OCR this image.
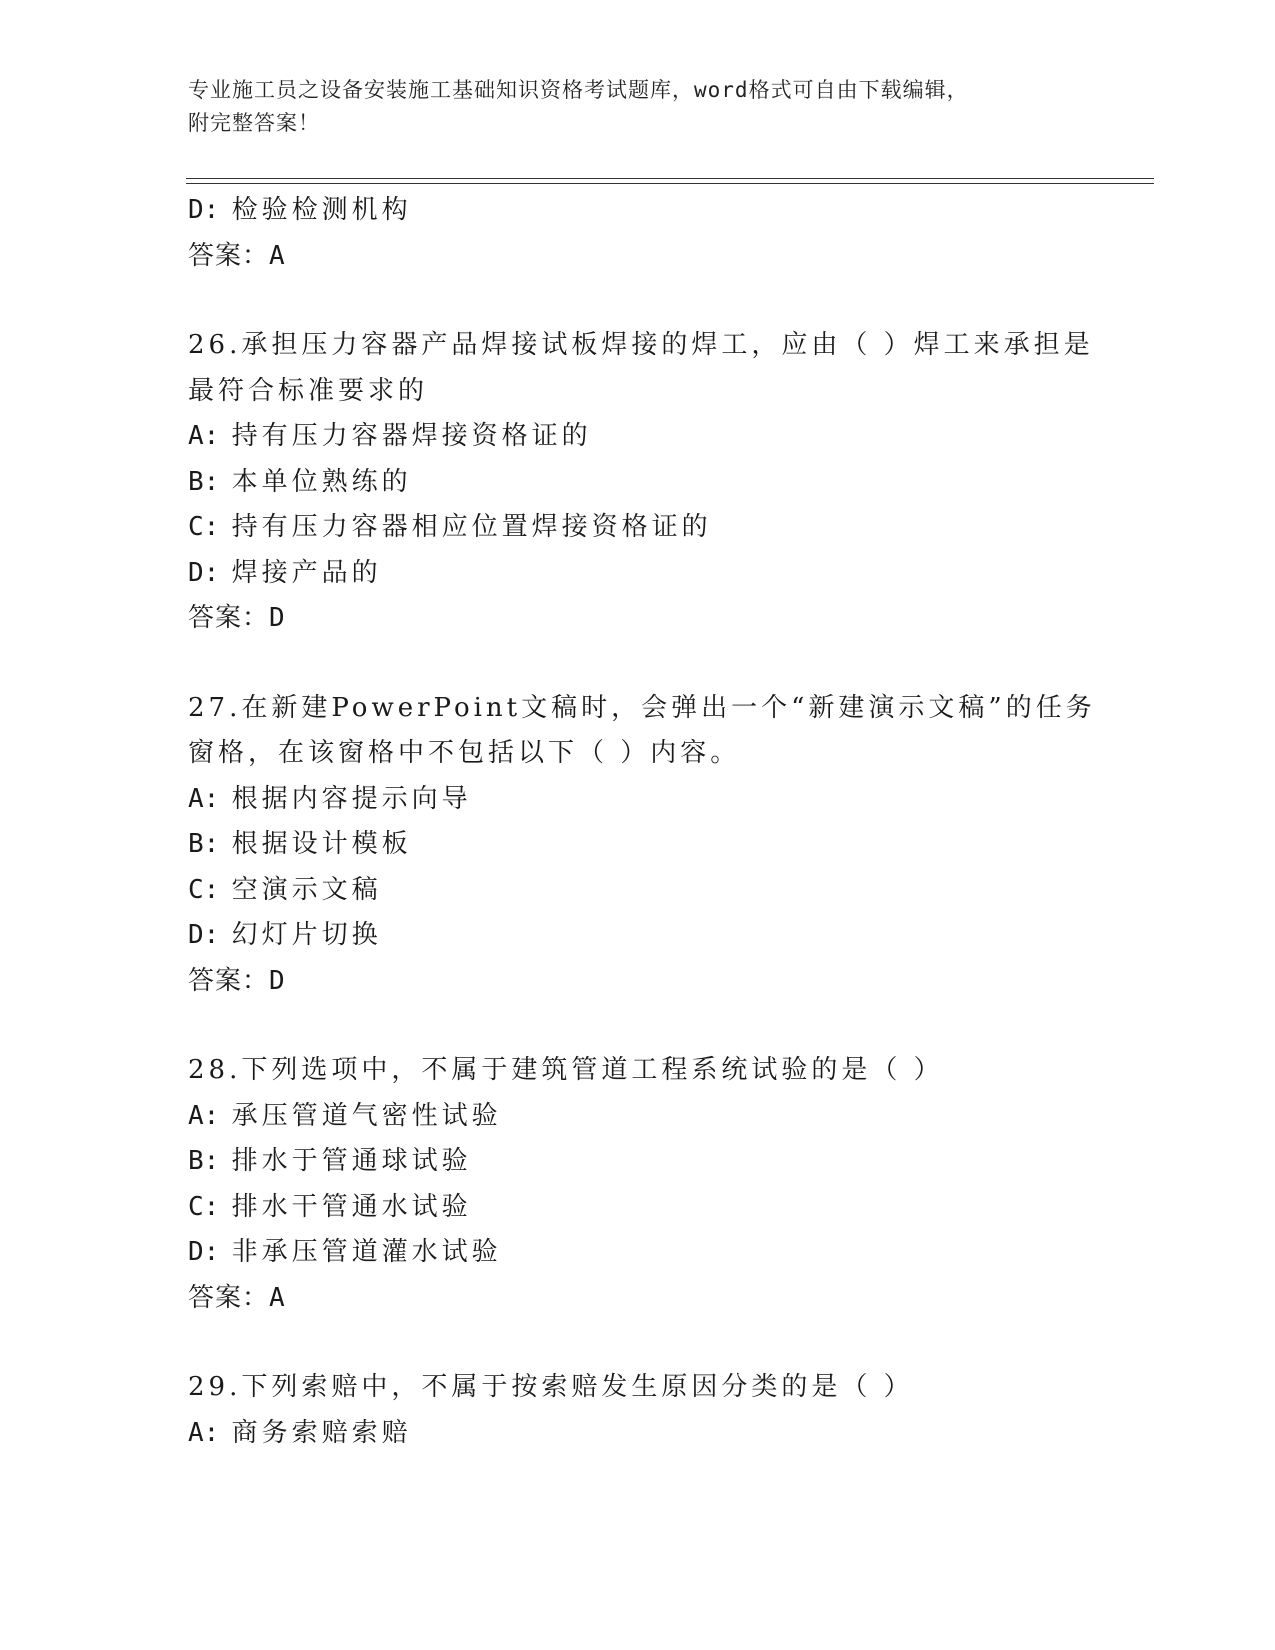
专业施工员之设备安装施工基础知识资格考试题库，word格式可自由下载编辑，
附完整答案！
D: 检验检测机构
答案：A
26.承担压力容器产品焊接试板焊接的焊工，应由（ ）焊工来承担是
最符合标准要求的
A: 持有压力容器焊接资格证的
B: 本单位熟练的
C: 持有压力容器相应位置焊接资格证的
D: 焊接产品的
答案：D
27.在新建PowerPoint文稿时，会弹出一个“新建演示文稿”的任务
窗格，在该窗格中不包括以下（ ）内容。
A: 根据内容提示向导
B: 根据设计模板
C: 空演示文稿
D: 幻灯片切换
答案：D
28.下列选项中，不属于建筑管道工程系统试验的是（ ）
A: 承压管道气密性试验
B: 排水于管通球试验
C: 排水干管通水试验
D: 非承压管道灌水试验
答案：A
29.下列索赔中，不属于按索赔发生原因分类的是（ ）
A: 商务索赔索赔
